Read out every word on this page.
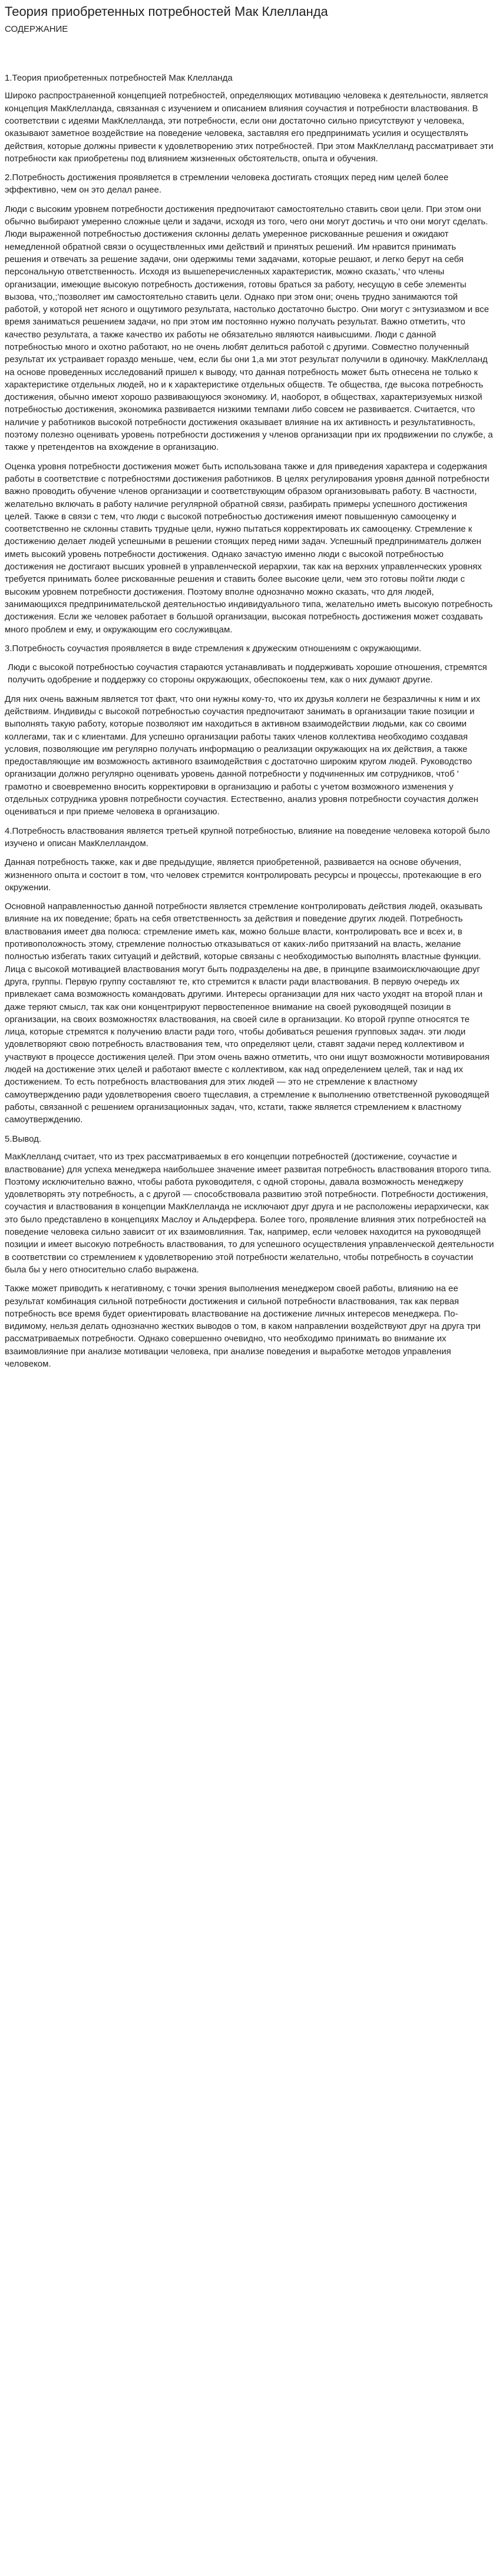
Теория приобретенных потребностей Мак Клелланда
СОДЕРЖАНИЕ
1.Теория приобретенных потребностей Мак Клелланда

Широко распространенной концепцией потребностей, определяющих мотивацию человека к деятельности, является концепция МакКлелланда, связанная с изучением и описанием влияния соучастия и потребности властвования. В соответствии с идеями МакКлелланда, эти потребности, если они достаточно сильно присутствуют у человека, оказывают заметное воздействие на поведение человека, заставляя его предпринимать усилия и осуществлять действия, которые должны привести к удовлетворению этих потребностей. При этом МакКлелланд рассматривает эти потребности как приобретены под влиянием жизненных обстоятельств, опыта и обучения.

2.Потребность достижения проявляется в стремлении человека достигать стоящих перед ним целей более эффективно, чем он это делал ранее.

Люди с высоким уровнем потребности достижения предпочитают самостоятельно ставить свои цели. При этом они обычно выбирают умеренно сложные цели и задачи, исходя из того, чего они могут достичь и что они могут сделать. Люди выраженной потребностью достижения склонны делать умеренное рискованные решения и ожидают немедленной обратной связи о осуществленных ими действий и принятых решений. Им нравится принимать решения и отвечать за решение задачи, они одержимы теми задачами, которые решают, и легко берут на себя персональную ответственность. Исходя из вышеперечисленных характеристик, можно сказать,' что члены организации, имеющие высокую потребность достижения, готовы браться за работу, несущую в себе элементы вызова, что,;'позволяет им самостоятельно ставить цели. Однако при этом они; очень трудно занимаются той работой, у которой нет ясного и ощутимого результата, настолько достаточно быстро. Они могут с энтузиазмом и все время заниматься решением задачи, но при этом им постоянно нужно получать результат. Важно отметить, что качество результата, а также качество их работы не обязательно являются наивысшими. Люди с данной потребностью много и охотно работают, но не очень любят делиться работой с другими. Совместно полученный результат их устраивает гораздо меньше, чем, если бы они 1,а ми этот результат получили в одиночку. МакКлелланд на основе проведенных исследований пришел к выводу, что данная потребность может быть отнесена не только к характеристике отдельных людей, но и к характеристике отдельных обществ. Те общества, где высока потребность достижения, обычно имеют хорошо развивающуюся экономику. И, наоборот, в обществах, характеризуемых низкой потребностью достижения, экономика развивается низкими темпами либо совсем не развивается. Считается, что наличие у работников высокой потребности достижения оказывает влияние на их активность и результативность, поэтому полезно оценивать уровень потребности достижения у членов организации при их продвижении по службе, а также у претендентов на вхождение в организацию.

Оценка уровня потребности достижения может быть использована также и для приведения характера и содержания работы в соответствие с потребностями достижения работников. В целях регулирования уровня данной потребности важно проводить обучение членов организации и соответствующим образом организовывать работу. В частности, желательно включать в работу наличие регулярной обратной связи, разбирать примеры успешного достижения целей. Также в связи с тем, что люди с высокой потребностью достижения имеют повышенную самооценку и соответственно не склонны ставить трудные цели, нужно пытаться корректировать их самооценку. Стремление к достижению делает людей успешными в решении стоящих перед ними задач. Успешный предприниматель должен иметь высокий уровень потребности достижения. Однако зачастую именно люди с высокой потребностью достижения не достигают высших уровней в управленческой иерархии, так как на верхних управленческих уровнях требуется принимать более рискованные решения и ставить более высокие цели, чем это готовы пойти люди с высоким уровнем потребности достижения. Поэтому вполне однозначно можно сказать, что для людей, занимающихся предпринимательской деятельностью индивидуального типа, желательно иметь высокую потребность достижения. Если же человек работает в большой организации, высокая потребность достижения может создавать много проблем и ему, и окружающим его сослуживцам.

3.Потребность соучастия проявляется в виде стремления к дружеским отношениям с окружающими.

Люди с высокой потребностью соучастия стараются устанавливать и поддерживать хорошие отношения, стремятся получить одобрение и поддержку со стороны окружающих, обеспокоены тем, как о них думают другие.

Для них очень важным является тот факт, что они нужны кому-то, что их друзья коллеги не безразличны к ним и их действиям. Индивиды с высокой потребностью соучастия предпочитают занимать в организации такие позиции и выполнять такую работу, которые позволяют им находиться в активном взаимодействии людьми, как со своими коллегами, так и с клиентами. Для успешно организации работы таких членов коллектива необходимо создавая условия, позволяющие им регулярно получать информацию о реализации окружающих на их действия, а также предоставляющие им возможность активного взаимодействия с достаточно широким кругом людей. Руководство организации должно регулярно оценивать уровень данной потребности у подчиненных им сотрудников, чтоб ' грамотно и своевременно вносить корректировки в организацию и работы с учетом возможного изменения у отдельных сотрудника уровня потребности соучастия. Естественно, анализ уровня потребности соучастия должен оцениваться и при приеме человека в организацию.

4.Потребность властвования является третьей крупной потребностью, влияние на поведение человека которой было изучено и описан МакКлелландом.

Данная потребность также, как и две предыдущие, является приобретенной, развивается на основе обучения, жизненного опыта и состоит в том, что человек стремится контролировать ресурсы и процессы, протекающие в его окружении.

Основной направленностью данной потребности является стремление контролировать действия людей, оказывать влияние на их поведение; брать на себя ответственность за действия и поведение других людей. Потребность властвования имеет два полюса: стремление иметь как, можно больше власти, контролировать все и всех и, в противоположность этому, стремление полностью отказываться от каких-либо притязаний на власть, желание полностью избегать таких ситуаций и действий, которые связаны с необходимостью выполнять властные функции. Лица с высокой мотивацией властвования могут быть подразделены на две, в принципе взаимоисключающие друг друга, группы. Первую группу составляют те, кто стремится к власти ради властвования. В первую очередь их привлекает сама возможность командовать другими. Интересы организации для них часто уходят на второй план и даже теряют смысл, так как они концентрируют первостепенное внимание на своей руководящей позиции в организации, на своих возможностях властвования, на своей силе в организации. Ко второй группе относятся те лица, которые стремятся к получению власти ради того, чтобы добиваться решения групповых задач. эти люди удовлетворяют свою потребность властвования тем, что определяют цели, ставят задачи перед коллективом и участвуют в процессе достижения целей. При этом очень важно отметить, что они ищут возможности мотивирования людей на достижение этих целей и работают вместе с коллективом, как над определением целей, так и над их достижением. То есть потребность властвования для этих людей — это не стремление к властному самоутверждению ради удовлетворения своего тщеславия, а стремление к выполнению ответственной руководящей работы, связанной с решением организационных задач, что, кстати, также является стремлением к властному самоутверждению.

5.Вывод.

МакКлелланд считает, что из трех рассматриваемых в его концепции потребностей (достижение, соучастие и властвование) для успеха менеджера наибольшее значение имеет развитая потребность властвования второго типа. Поэтому исключительно важно, чтобы работа руководителя, с одной стороны, давала возможность менеджеру удовлетворять эту потребность, а с другой — способствовала развитию этой потребности. Потребности достижения, соучастия и властвования в концепции МакКлелланда не исключают друг друга и не расположены иерархически, как это было представлено в концепциях Маслоу и Альдерфера. Более того, проявление влияния этих потребностей на поведение человека сильно зависит от их взаимовлияния. Так, например, если человек находится на руководящей позиции и имеет высокую потребность властвования, то для успешного осуществления управленческой деятельности в соответствии со стремлением к удовлетворению этой потребности желательно, чтобы потребность в соучастии была бы у него относительно слабо выражена.

Также может приводить к негативному, с точки зрения выполнения менеджером своей работы, влиянию на ее результат комбинация сильной потребности достижения и сильной потребности властвования, так как первая потребность все время будет ориентировать властвование на достижение личных интересов менеджера. По-видимому, нельзя делать однозначно жестких выводов о том, в каком направлении воздействуют друг на друга три рассматриваемых потребности. Однако совершенно очевидно, что необходимо принимать во внимание их взаимовлияние при анализе мотивации человека, при анализе поведения и выработке методов управления человеком.
